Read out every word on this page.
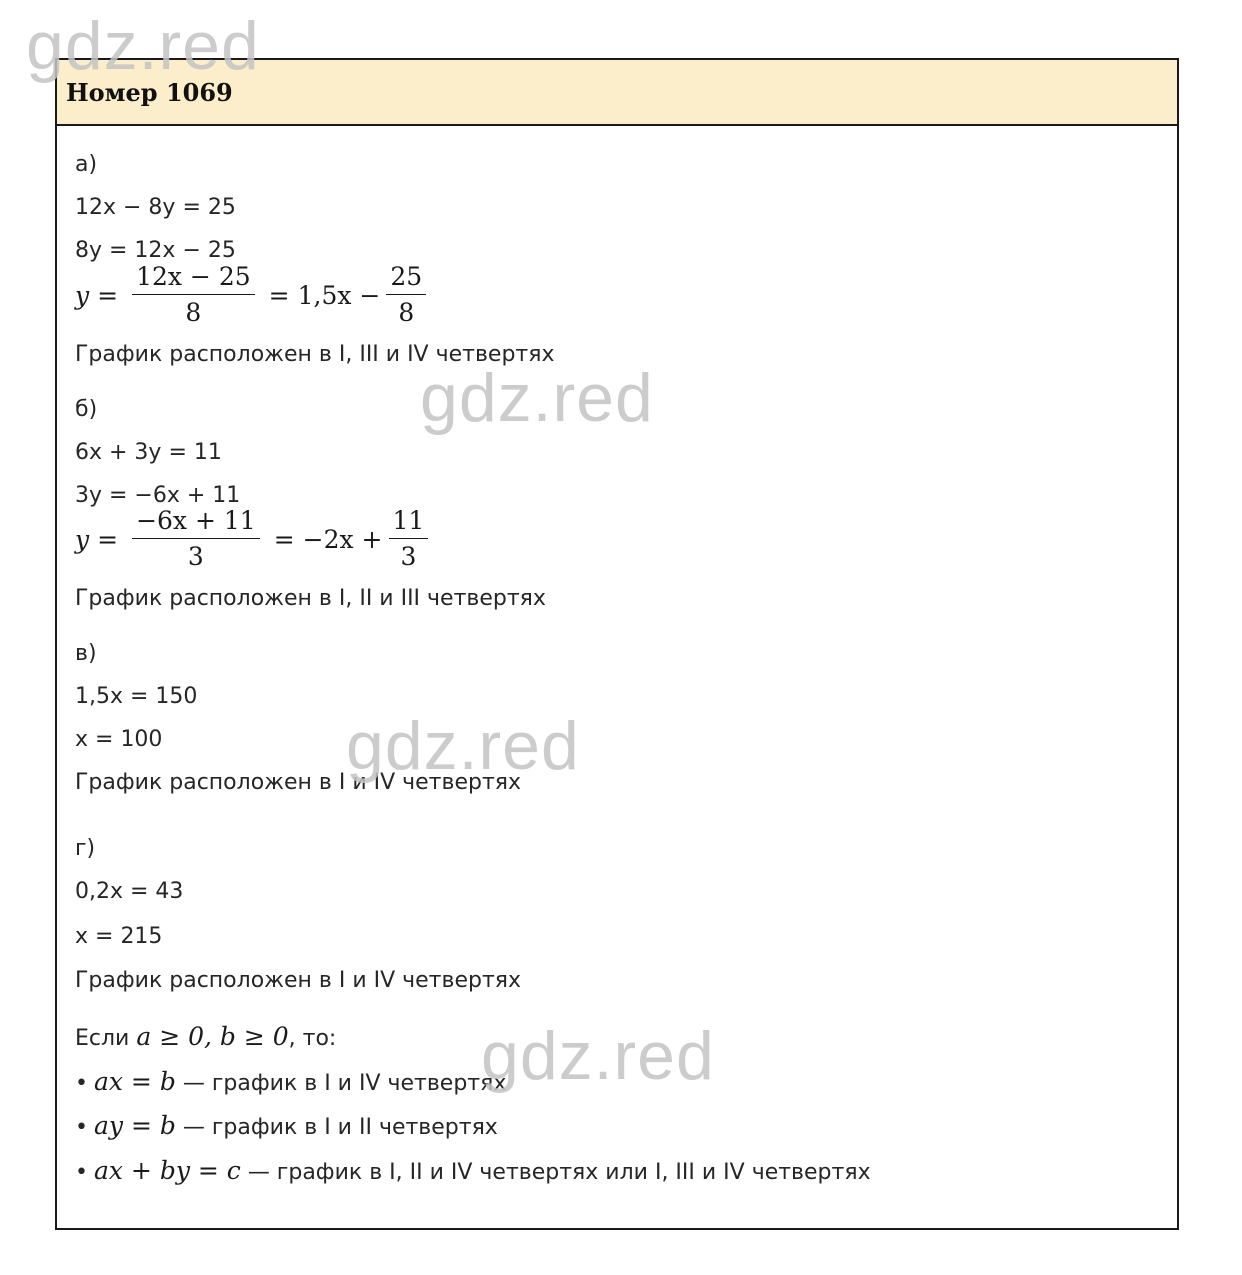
gdz.red
gdz.red
gdz.red
gdz.red
Номер 1069
а)
12x − 8y = 25
8y = 12x − 25
$y = \frac{12x - 25}{8} = 1,5x - \frac{25}{8}$
График расположен в I, III и IV четвертях
б)
6x + 3y = 11
3y = −6x + 11
$y = \frac{-6x + 11}{3} = -2x + \frac{11}{3}$
График расположен в I, II и III четвертях
в)
1,5x = 150
x = 100
График расположен в I и IV четвертях
г)
0,2x = 43
x = 215
График расположен в I и IV четвертях
Если a ≥ 0, b ≥ 0, то:
• ax = b — график в I и IV четвертях
• ay = b — график в I и II четвертях
• ax + by = c — график в I, II и IV четвертях или I, III и IV четвертях
